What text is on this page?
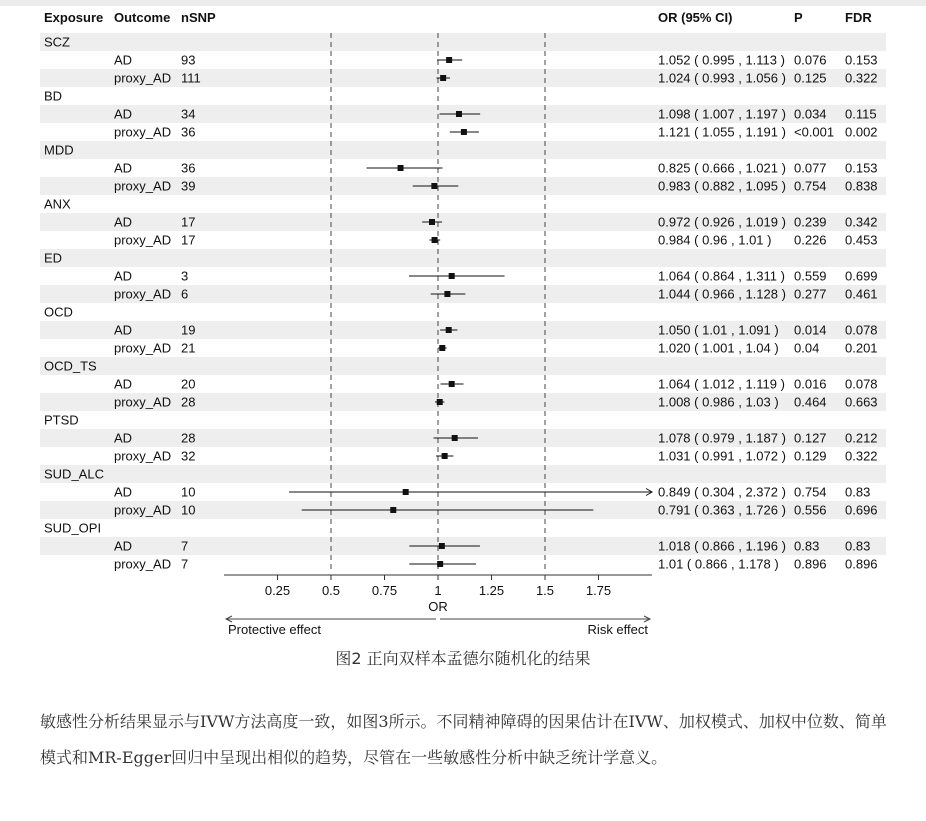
Exposure Outcome nSNP	OR (95% CI)	P	FDR
SCZ
AD	93	1.052 ( 0.995 , 1.113 ) 0.076 0.153
proxy_AD 111	1.024 ( 0.993 , 1.056 ) 0.125 0.322
BD
AD	34	1.098 ( 1.007 , 1.197 ) 0.034 0.115
proxy_AD 36	1.121 ( 1.055 , 1.191 ) <0.001 0.002
MDD
AD	36	0.825 ( 0.666 , 1.021 ) 0.077 0.153
proxy_AD 39	0.983 ( 0.882 , 1.095 ) 0.754 0.838
ANX
AD	17	0.972 ( 0.926 , 1.019 ) 0.239 0.342
proxy_AD 17	0.984 ( 0.96 , 1.01 ) 0.226 0.453
ED
AD	3	1.064 ( 0.864 , 1.311 ) 0.559 0.699
proxy_AD 6	1.044 ( 0.966 , 1.128 ) 0.277 0.461
OCD
AD	19	1.050 ( 1.01 , 1.091 ) 0.014 0.078
proxy_AD 21	1.020 ( 1.001 , 1.04 ) 0.04 0.201
OCD_TS
AD	20	1.064 ( 1.012 , 1.119 ) 0.016 0.078
proxy_AD 28	1.008 ( 0.986 , 1.03 ) 0.464 0.663
PTSD
AD	28	1.078 ( 0.979 , 1.187 ) 0.127 0.212
proxy_AD 32	1.031 ( 0.991 , 1.072 ) 0.129 0.322
SUD_ALC
AD	10	0.849 ( 0.304 , 2.372 ) 0.754 0.83
proxy_AD 10	0.791 ( 0.363 , 1.726 ) 0.556 0.696
SUD_OPI
AD	7	1.018 ( 0.866 , 1.196 ) 0.83 0.83
proxy_AD 7	1.01 ( 0.866 , 1.178 ) 0.896 0.896
0.25 0.5 0.75	1	1.25 1.5 1.75
OR
Protective effect	Risk effect
图2 正向双样本孟德尔随机化的结果
敏感性分析结果显示与IVW方法高度一致，如图3所示。不同精神障碍的因果估计在IVW、加权模式、加权中位数、简单模式和MR-Egger回归中呈现出相似的趋势，尽管在一些敏感性分析中缺乏统计学意义。
